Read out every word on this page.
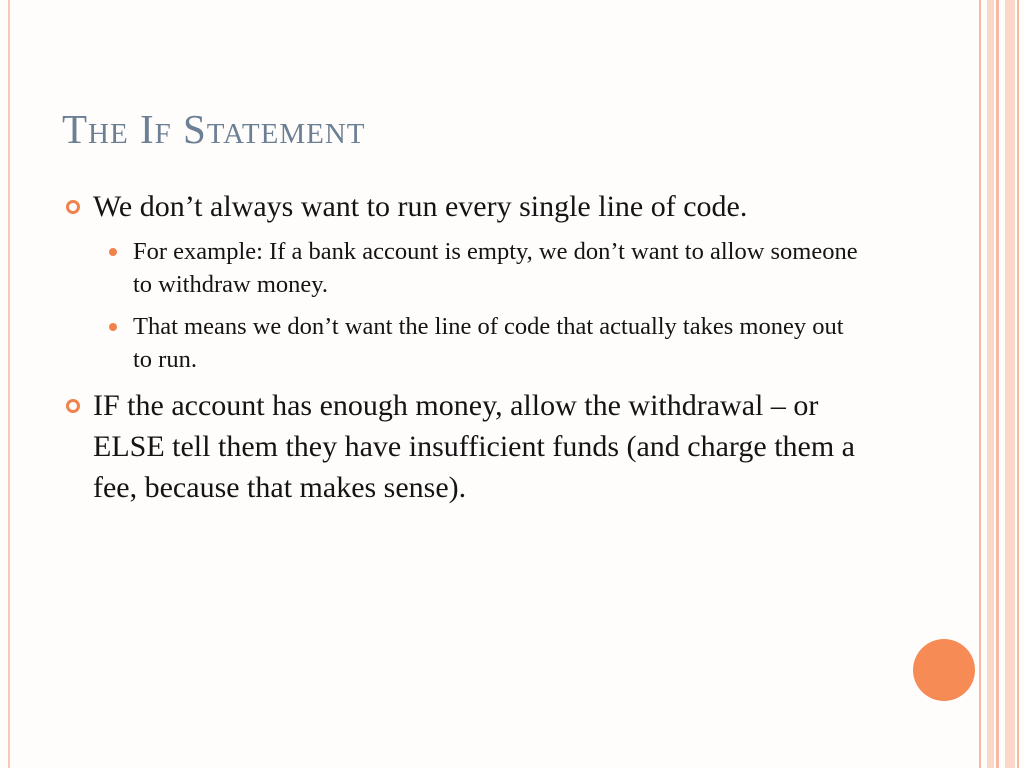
The If Statement
We don’t always want to run every single line of code.
For example: If a bank account is empty, we don’t want to allow someone to withdraw money.
That means we don’t want the line of code that actually takes money out to run.
IF the account has enough money, allow the withdrawal – or ELSE tell them they have insufficient funds (and charge them a fee, because that makes sense).
